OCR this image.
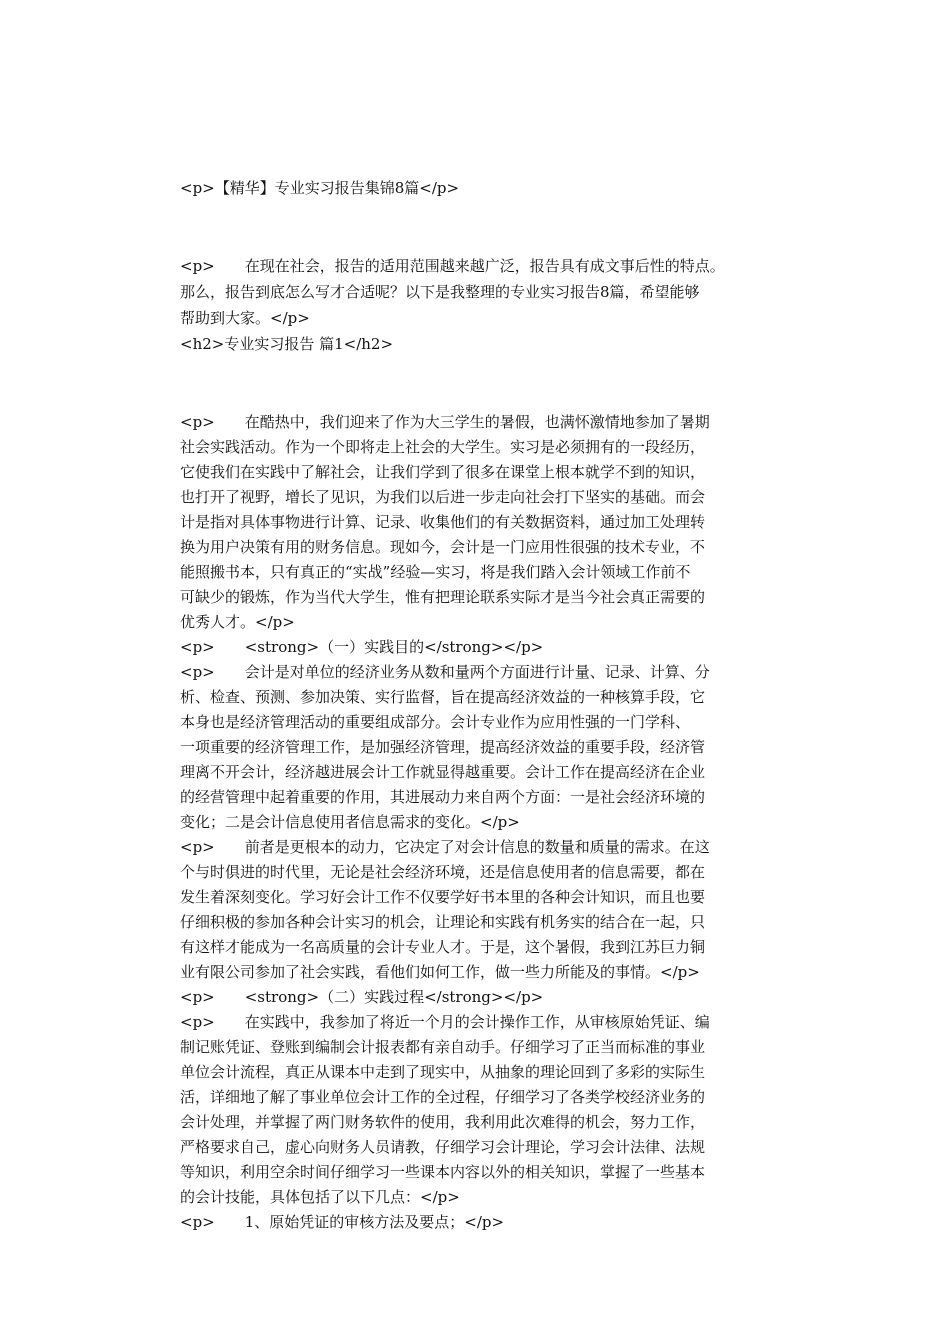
<p>【精华】专业实习报告集锦8篇</p>
<p>　　在现在社会，报告的适用范围越来越广泛，报告具有成文事后性的特点。
那么，报告到底怎么写才合适呢？以下是我整理的专业实习报告8篇，希望能够
帮助到大家。</p>
<h2>专业实习报告 篇1</h2>
<p>　　在酷热中，我们迎来了作为大三学生的暑假，也满怀激情地参加了暑期
社会实践活动。作为一个即将走上社会的大学生。实习是必须拥有的一段经历，
它使我们在实践中了解社会，让我们学到了很多在课堂上根本就学不到的知识，
也打开了视野，增长了见识，为我们以后进一步走向社会打下坚实的基础。而会
计是指对具体事物进行计算、记录、收集他们的有关数据资料，通过加工处理转
换为用户决策有用的财务信息。现如今，会计是一门应用性很强的技术专业，不
能照搬书本，只有真正的“实战”经验—实习，将是我们踏入会计领域工作前不
可缺少的锻炼，作为当代大学生，惟有把理论联系实际才是当今社会真正需要的
优秀人才。</p>
<p>　　<strong>（一）实践目的</strong></p>
<p>　　会计是对单位的经济业务从数和量两个方面进行计量、记录、计算、分
析、检查、预测、参加决策、实行监督，旨在提高经济效益的一种核算手段，它
本身也是经济管理活动的重要组成部分。会计专业作为应用性强的一门学科、
一项重要的经济管理工作，是加强经济管理，提高经济效益的重要手段，经济管
理离不开会计，经济越进展会计工作就显得越重要。会计工作在提高经济在企业
的经营管理中起着重要的作用，其进展动力来自两个方面：一是社会经济环境的
变化；二是会计信息使用者信息需求的变化。</p>
<p>　　前者是更根本的动力，它决定了对会计信息的数量和质量的需求。在这
个与时俱进的时代里，无论是社会经济环境，还是信息使用者的信息需要，都在
发生着深刻变化。学习好会计工作不仅要学好书本里的各种会计知识，而且也要
仔细积极的参加各种会计实习的机会，让理论和实践有机务实的结合在一起，只
有这样才能成为一名高质量的会计专业人才。于是，这个暑假，我到江苏巨力铜
业有限公司参加了社会实践，看他们如何工作，做一些力所能及的事情。</p>
<p>　　<strong>（二）实践过程</strong></p>
<p>　　在实践中，我参加了将近一个月的会计操作工作，从审核原始凭证、编
制记账凭证、登账到编制会计报表都有亲自动手。仔细学习了正当而标准的事业
单位会计流程，真正从课本中走到了现实中，从抽象的理论回到了多彩的实际生
活，详细地了解了事业单位会计工作的全过程，仔细学习了各类学校经济业务的
会计处理，并掌握了两门财务软件的使用，我利用此次难得的机会，努力工作，
严格要求自己，虚心向财务人员请教，仔细学习会计理论，学习会计法律、法规
等知识，利用空余时间仔细学习一些课本内容以外的相关知识，掌握了一些基本
的会计技能，具体包括了以下几点：</p>
<p>　　1、原始凭证的审核方法及要点；</p>
